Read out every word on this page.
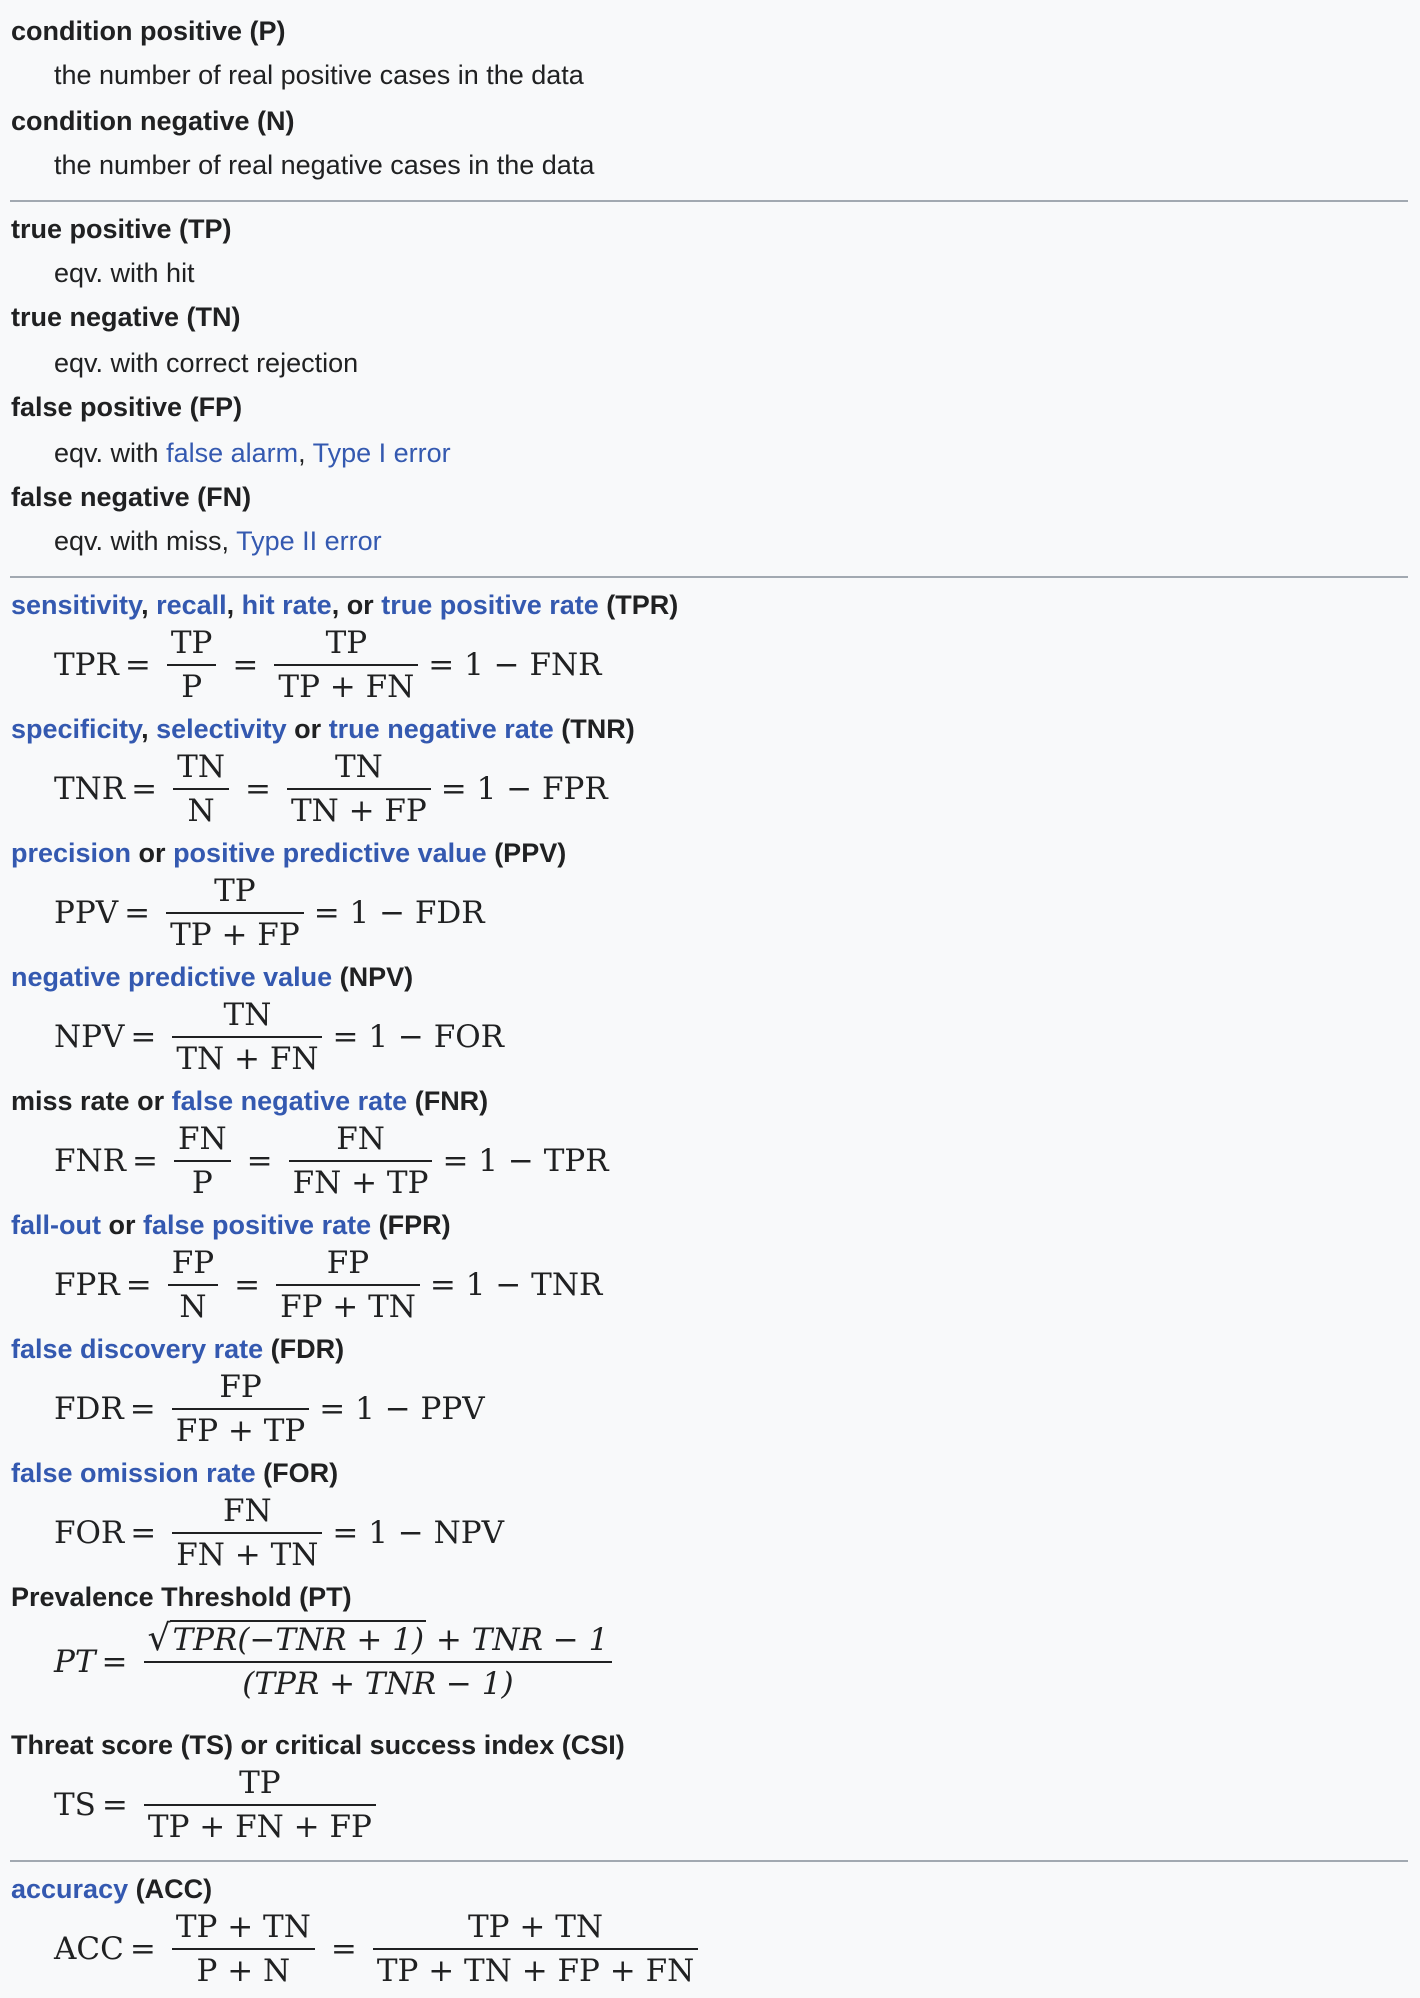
condition positive (P)
the number of real positive cases in the data
condition negative (N)
the number of real negative cases in the data
true positive (TP)
eqv. with hit
true negative (TN)
eqv. with correct rejection
false positive (FP)
eqv. with false alarm, Type I error
false negative (FN)
eqv. with miss, Type II error
sensitivity, recall, hit rate, or true positive rate (TPR)
TPR = $\frac{TP}{P} = \frac{TP}{TP + FN} = 1$ − FNR
specificity, selectivity or true negative rate (TNR)
TNR = $\frac{TN}{N} = \frac{TN}{TN + FP} = 1$ − FPR
precision or positive predictive value (PPV)
PPV = $\frac{TP}{TP + FP} = 1$ − FDR
negative predictive value (NPV)
NPV = $\frac{TN}{TN + FN} = 1$ − FOR
miss rate or false negative rate (FNR)
FNR = $\frac{FN}{P} = \frac{FN}{FN + TP} = 1$ − TPR
fall-out or false positive rate (FPR)
FPR = $\frac{FP}{N} = \frac{FP}{FP + TN} = 1$ − TNR
false discovery rate (FDR)
FDR = $\frac{FP}{FP + TP} = 1$ − PPV
false omission rate (FOR)
FOR = $\frac{FN}{FN + TN} = 1$ − NPV
Prevalence Threshold (PT)
PT = $\frac{\text{√ TPR(−TNR + 1) + TNR − 1}}{\text{(TPR + TNR − 1)}}$
Threat score (TS) or critical success index (CSI)
TS = $\frac{TP}{TP + FN + FP}$
accuracy (ACC)
ACC = $\frac{TP + TN}{P + N} = \frac{TP + TN}{TP + TN + FP + FN}$
